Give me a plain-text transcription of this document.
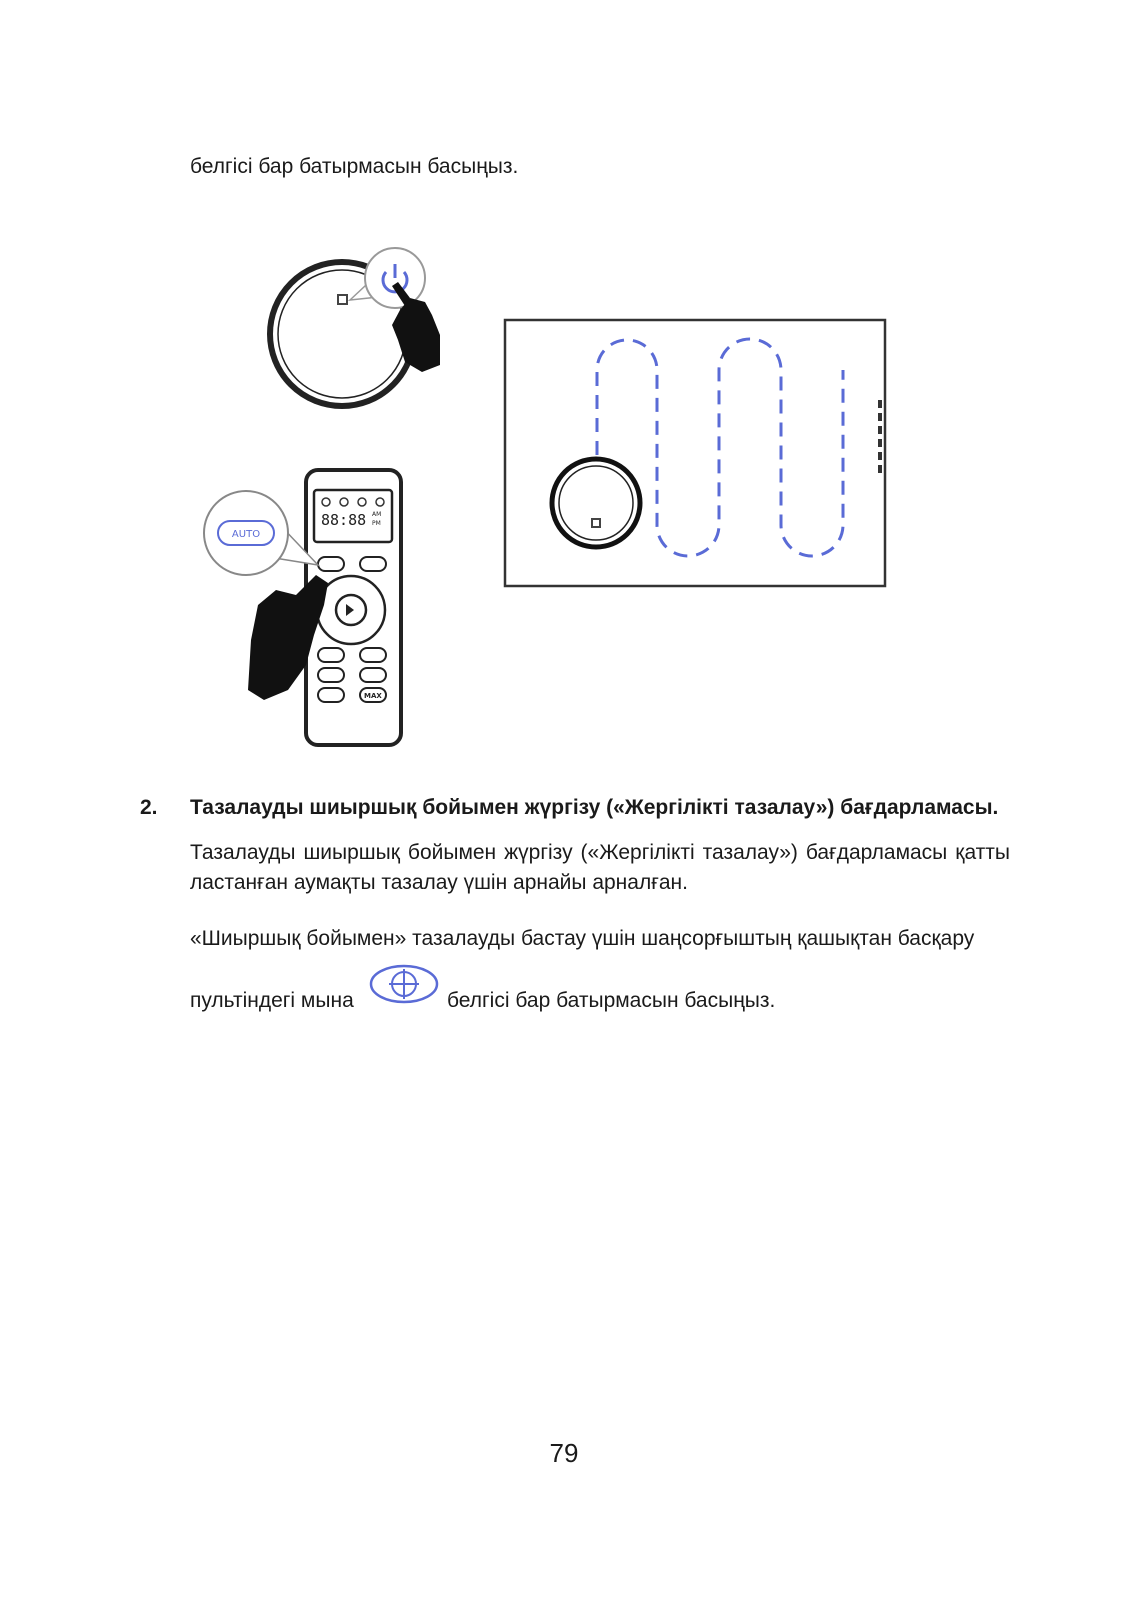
белгісі бар батырмасын басыңыз.
88:88 AM
PM
MAX
AUTO
2. Тазалауды шиыршық бойымен жүргізу («Жергілікті тазалау») бағдарламасы.
Тазалауды шиыршық бойымен жүргізу («Жергілікті тазалау») бағдарламасы қатты ластанған аумақты тазалау үшін арнайы арналған.
«Шиыршық бойымен» тазалауды бастау үшін шаңсорғыштың қашықтан басқару
пультіндегі мына	белгісі бар батырмасын басыңыз.
79
